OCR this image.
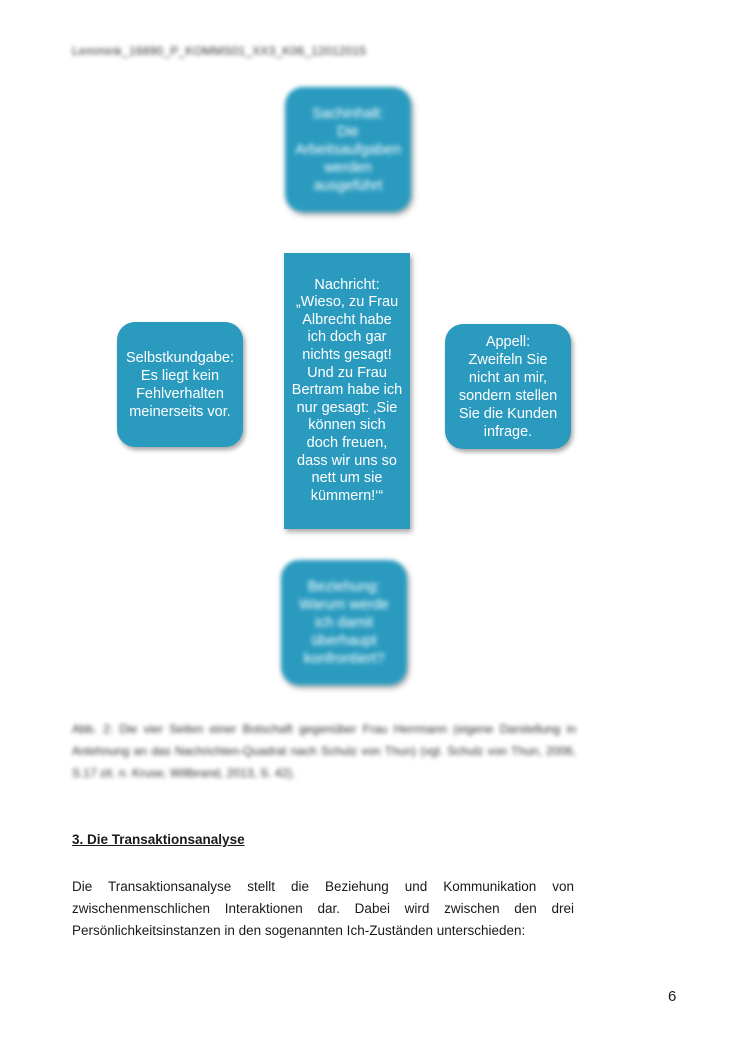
Lemmink_16890_P_KOMMS01_XX3_K06_12012015
Sachinhalt:
Die
Arbeitsaufgaben
werden
ausgeführt
Nachricht:
„Wieso, zu Frau
Albrecht habe
ich doch gar
nichts gesagt!
Und zu Frau
Bertram habe ich
nur gesagt: ‚Sie
können sich
doch freuen,
dass wir uns so
nett um sie
kümmern!‘“
Selbstkundgabe:
Es liegt kein
Fehlverhalten
meinerseits vor.
Appell:
Zweifeln Sie
nicht an mir,
sondern stellen
Sie die Kunden
infrage.
Beziehung:
Warum werde
ich damit
überhaupt
konfrontiert?
Abb. 2: Die vier Seiten einer Botschaft gegenüber Frau Herrmann (eigene Darstellung in Anlehnung an das Nachrichten-Quadrat nach Schulz von Thun) (vgl. Schulz von Thun, 2006, S.17 zit. n. Kruse, Willbrand, 2013, S. 42).
3. Die Transaktionsanalyse
Die Transaktionsanalyse stellt die Beziehung und Kommunikation von zwischenmenschlichen Interaktionen dar. Dabei wird zwischen den drei Persönlichkeitsinstanzen in den sogenannten Ich-Zuständen unterschieden:
6
